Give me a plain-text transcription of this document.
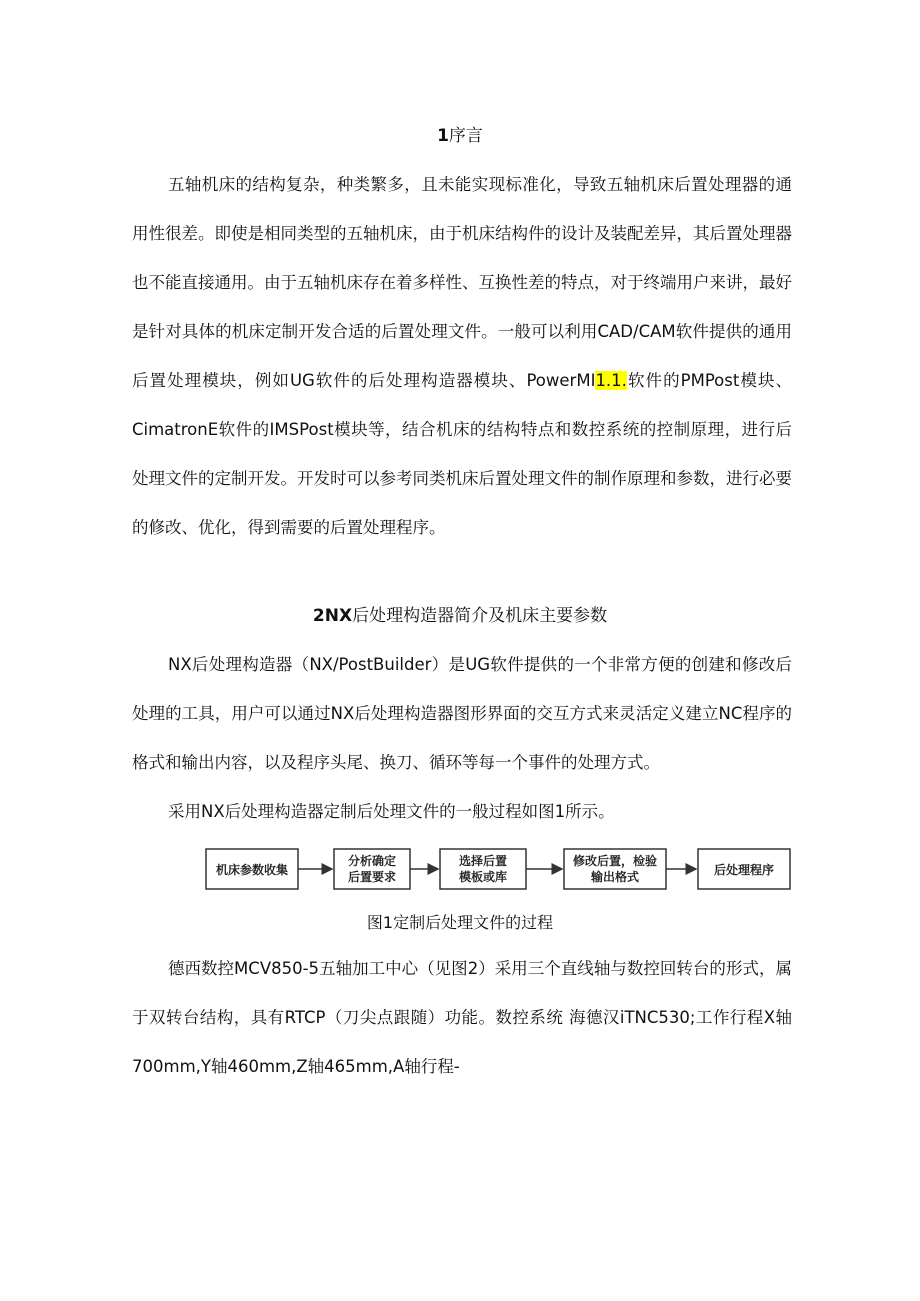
1序言

五轴机床的结构复杂，种类繁多，且未能实现标准化，导致五轴机床后置处理器的通用性很差。即使是相同类型的五轴机床，由于机床结构件的设计及装配差异，其后置处理器也不能直接通用。由于五轴机床存在着多样性、互换性差的特点，对于终端用户来讲，最好是针对具体的机床定制开发合适的后置处理文件。一般可以利用CAD/CAM软件提供的通用后置处理模块，例如UG软件的后处理构造器模块、PowerMI1.1.软件的PMPost模块、CimatronE软件的IMSPost模块等，结合机床的结构特点和数控系统的控制原理，进行后处理文件的定制开发。开发时可以参考同类机床后置处理文件的制作原理和参数，进行必要的修改、优化，得到需要的后置处理程序。

2NX后处理构造器简介及机床主要参数

NX后处理构造器（NX/PostBuilder）是UG软件提供的一个非常方便的创建和修改后处理的工具，用户可以通过NX后处理构造器图形界面的交互方式来灵活定义建立NC程序的格式和输出内容，以及程序头尾、换刀、循环等每一个事件的处理方式。

采用NX后处理构造器定制后处理文件的一般过程如图1所示。

机床参数收集
分析确定
后置要求
选择后置
模板或库
修改后置，检验
输出格式	后处理程序
图1定制后处理文件的过程

德西数控MCV850-5五轴加工中心（见图2）采用三个直线轴与数控回转台的形式，属于双转台结构，具有RTCP（刀尖点跟随）功能。数控系统 海德汉iTNC530;工作行程X轴700mm,Y轴460mm,Z轴465mm,A轴行程-
